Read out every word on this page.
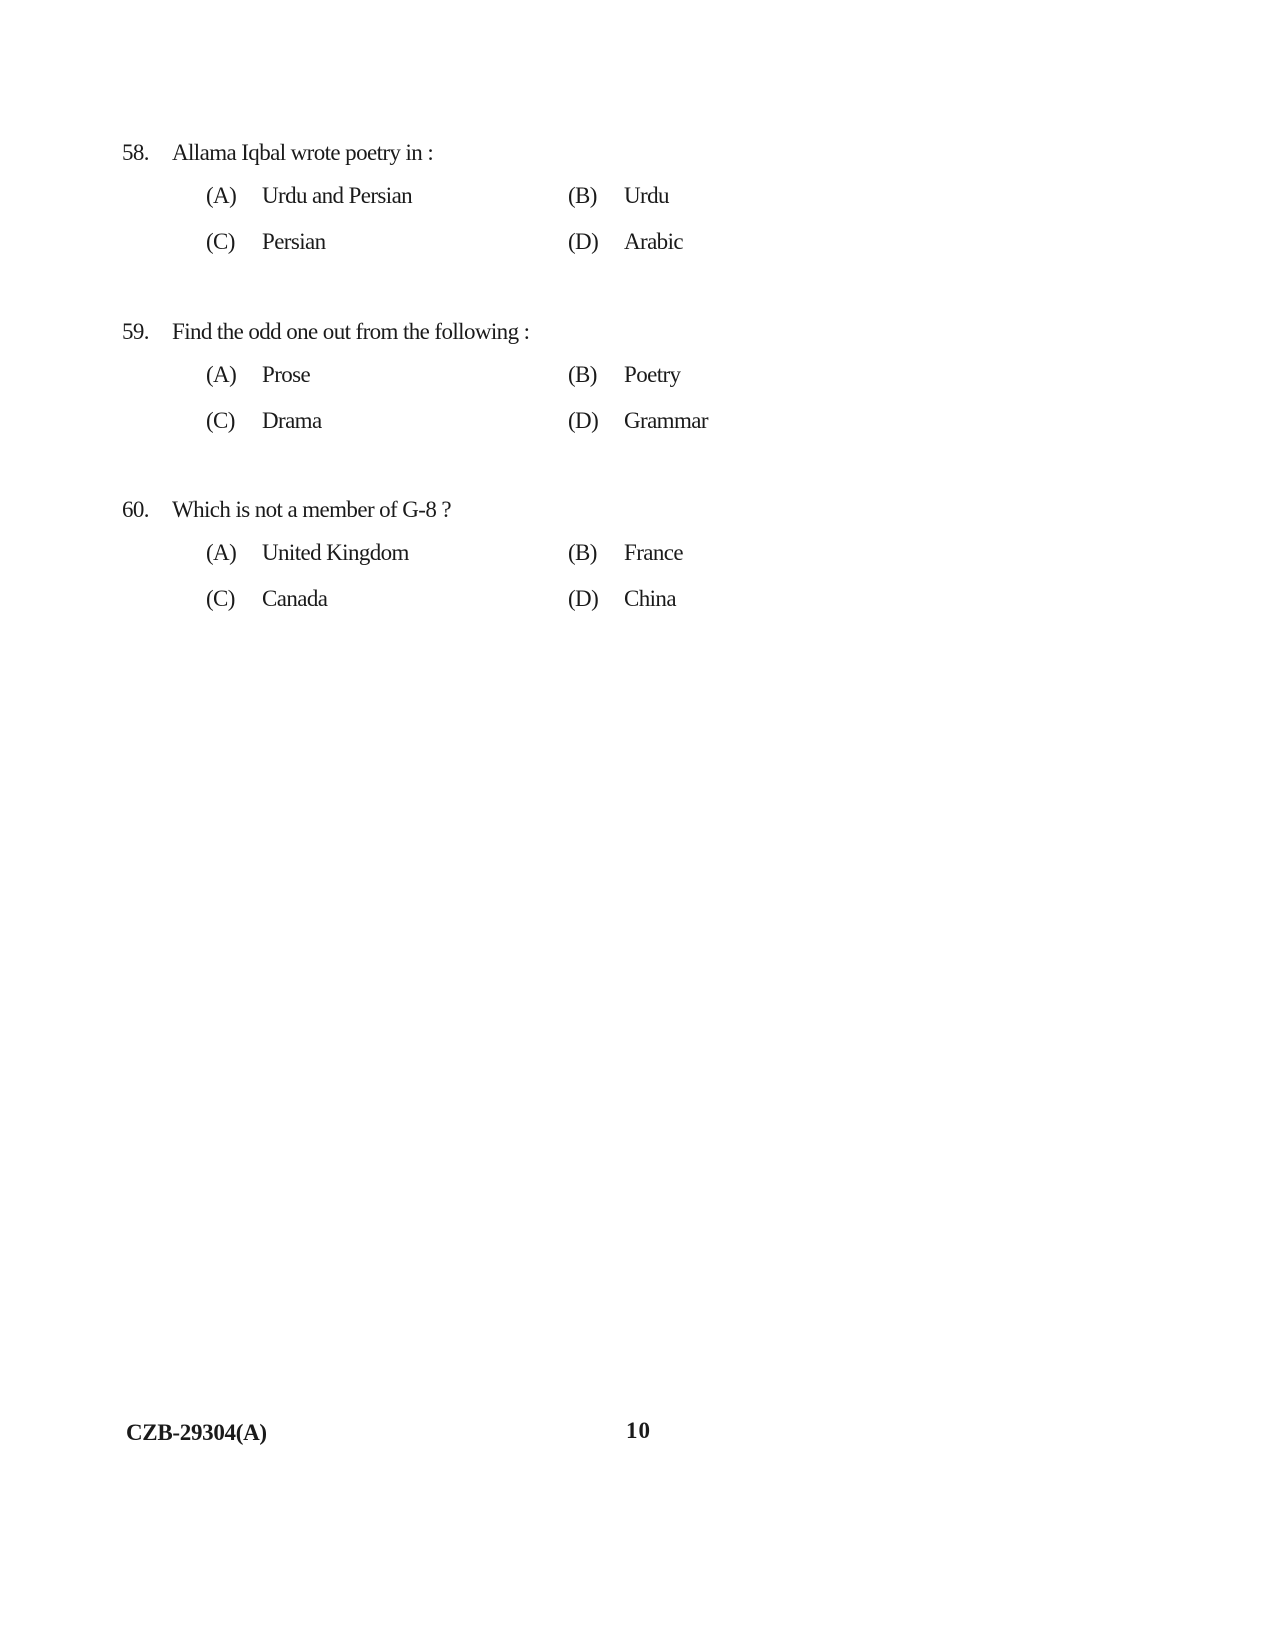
58. Allama Iqbal wrote poetry in :
(A) Urdu and Persian	(B) Urdu
(C) Persian	(D) Arabic
59. Find the odd one out from the following :
(A) Prose	(B) Poetry
(C) Drama	(D) Grammar
60. Which is not a member of G-8 ?
(A) United Kingdom	(B) France
(C) Canada	(D) China
CZB-29304(A)	10
